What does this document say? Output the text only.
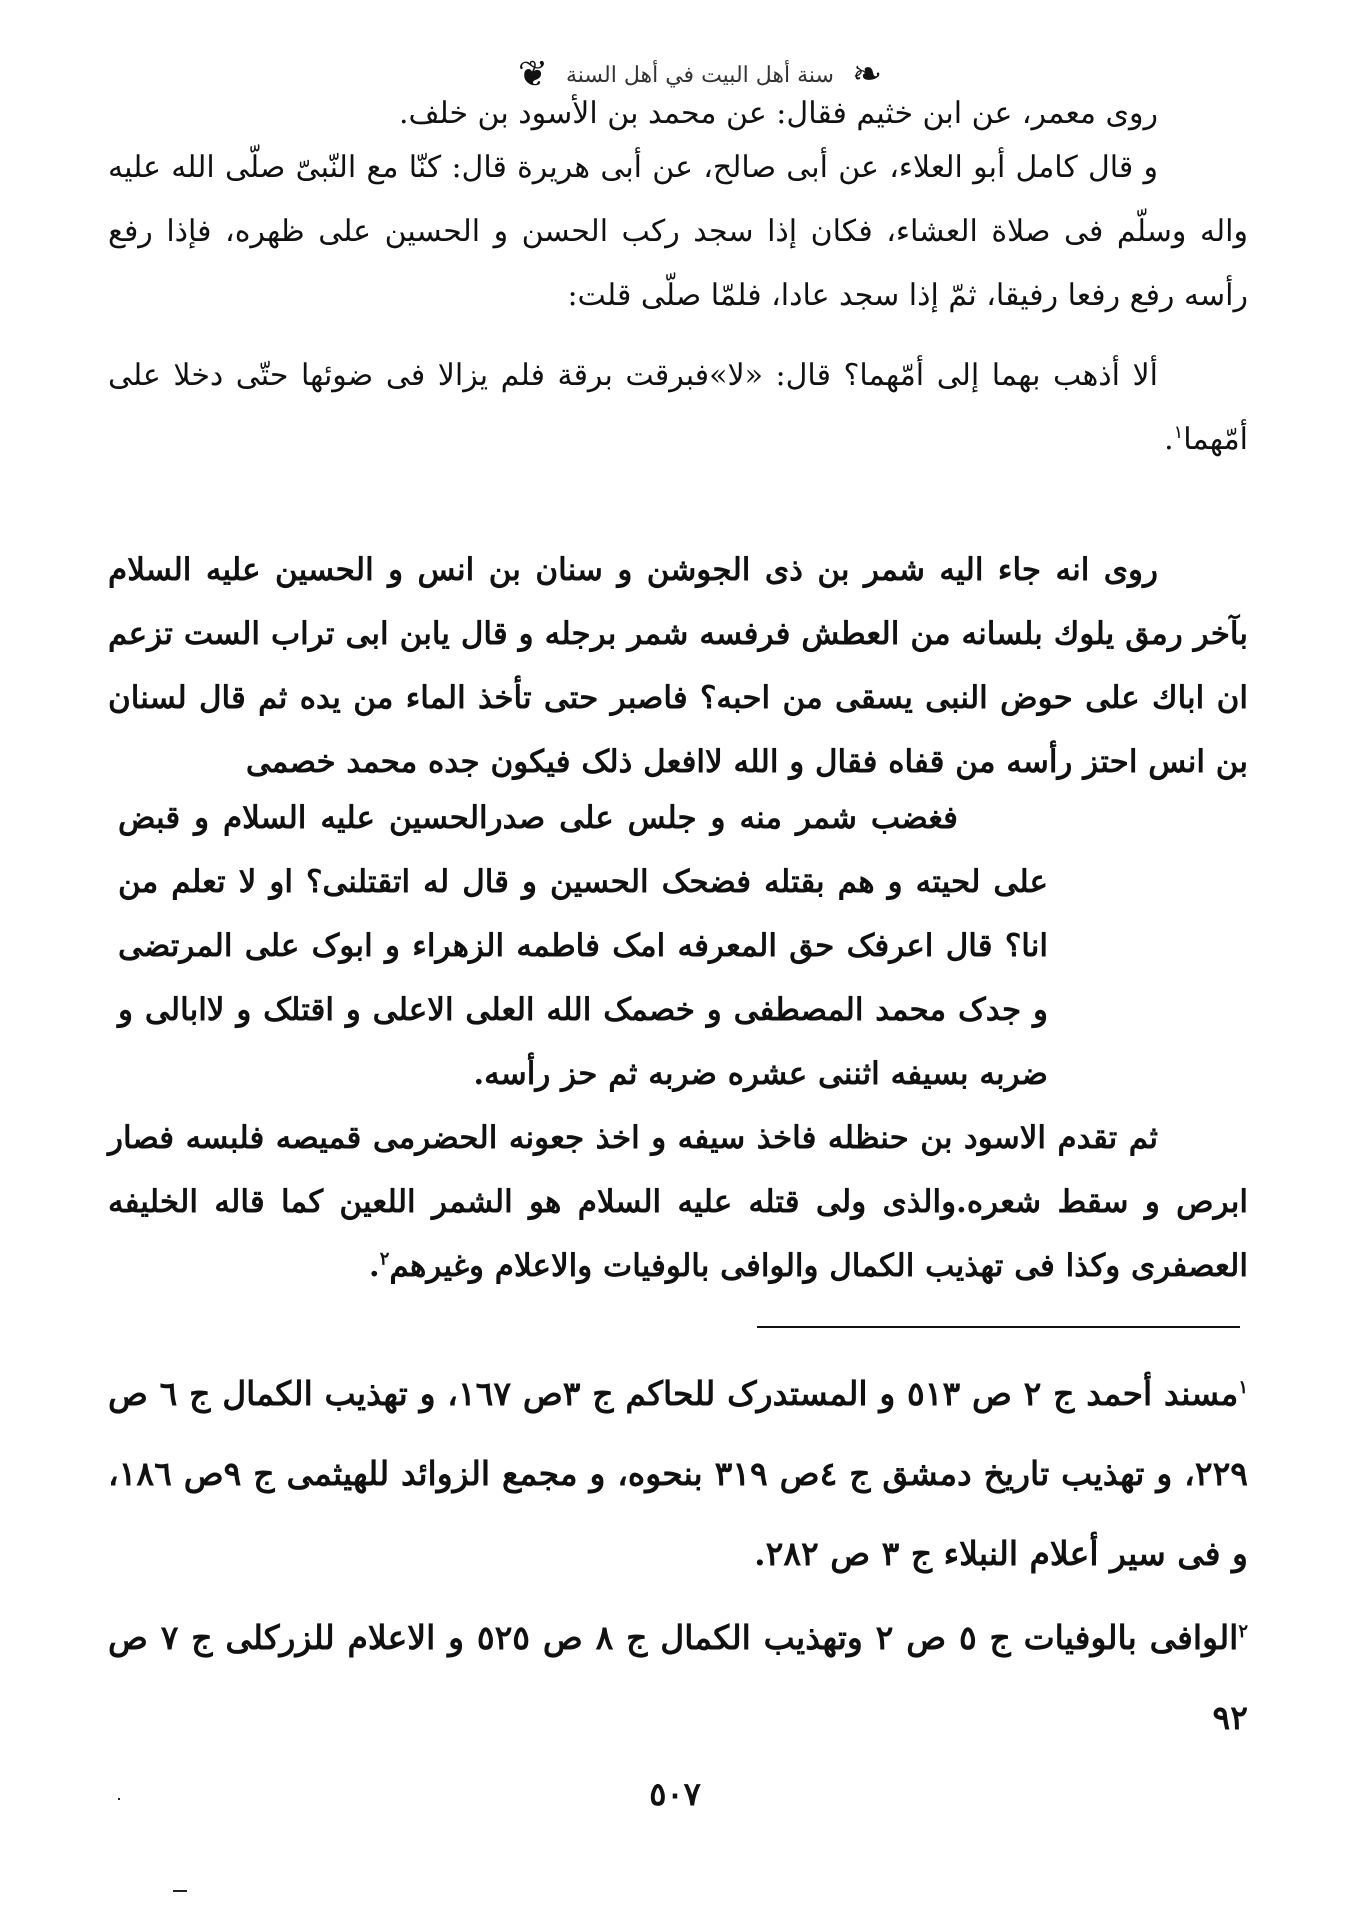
❦ سنة أهل البيت في أهل السنة ❧

روى معمر، عن ابن خثيم فقال: عن محمد بن الأسود بن خلف.

و قال كامل أبو العلاء، عن أبى صالح، عن أبى هريرة قال: كنّا مع النّبىّ صلّى الله عليه واله وسلّم فى صلاة العشاء، فكان إذا سجد ركب الحسن و الحسين على ظهره، فإذا رفع رأسه رفع رفعا رفيقا، ثمّ إذا سجد عادا، فلمّا صلّى قلت:

ألا أذهب بهما إلى أمّهما؟ قال: «لا»فبرقت برقة فلم يزالا فى ضوئها حتّى دخلا على أمّهما$^١$.

روى انه جاء اليه شمر بن ذى الجوشن و سنان بن انس و الحسين عليه السلام بآخر رمق يلوك بلسانه من العطش فرفسه شمر برجله و قال يابن ابى تراب الست تزعم ان اباك على حوض النبى يسقى من احبه؟ فاصبر حتى تأخذ الماء من يده ثم قال لسنان بن انس احتز رأسه من قفاه فقال و الله لاافعل ذلک فيکون جده محمد خصمى

فغضب شمر منه و جلس على صدرالحسين عليه السلام و قبض على لحيته و هم بقتله فضحک الحسين و قال له اتقتلنى؟ او لا تعلم من انا؟ قال اعرفک حق المعرفه امک فاطمه الزهراء و ابوک على المرتضى و جدک محمد المصطفى و خصمک الله العلى الاعلى و اقتلک و لاابالى و ضربه بسيفه اثننى عشره ضربه ثم حز رأسه.

ثم تقدم الاسود بن حنظله فاخذ سيفه و اخذ جعونه الحضرمى قميصه فلبسه فصار ابرص و سقط شعره.والذى ولى قتله عليه السلام هو الشمر اللعين كما قاله الخليفه العصفرى وكذا فى تهذيب الكمال والوافى بالوفيات والاعلام وغيرهم$^٢$.

$^١$مسند أحمد ج ٢ ص ٥١٣ و المستدرک للحاكم ج ٣ص ١٦٧، و تهذيب الكمال ج ٦ ص ٢٢٩، و تهذيب تاريخ دمشق ج ٤ص ٣١٩ بنحوه، و مجمع الزوائد للهيثمى ج ٩ص ١٨٦، و فى سير أعلام النبلاء ج ٣ ص ٢٨٢.

$^٢$الوافى بالوفيات ج ٥ ص ٢ وتهذيب الكمال ج ٨ ص ٥٢٥ و الاعلام للزركلى ج ٧ ص ٩٢

٥٠٧
